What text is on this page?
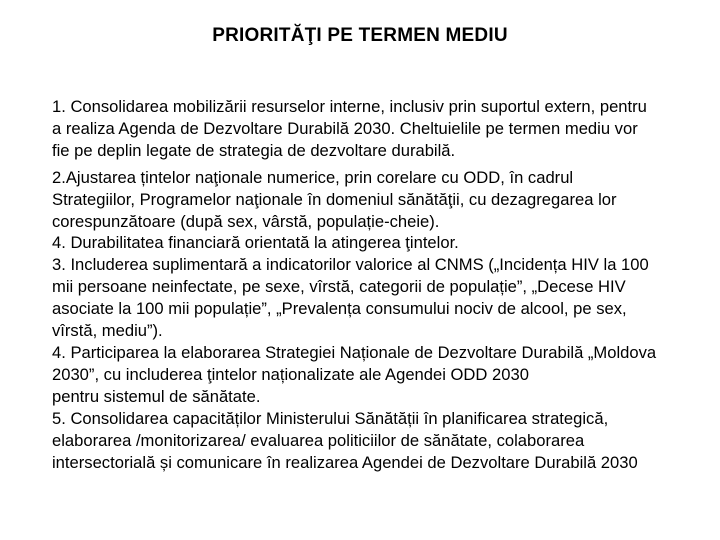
PRIORITĂŢI PE TERMEN MEDIU
1. Consolidarea mobilizării resurselor interne, inclusiv prin suportul extern, pentru
a realiza Agenda de Dezvoltare Durabilă 2030. Cheltuielile pe termen mediu vor
fie pe deplin legate de strategia de dezvoltare durabilă.
2.Ajustarea țintelor naţionale numerice, prin corelare cu ODD, în cadrul
Strategiilor, Programelor naţionale în domeniul sănătăţii, cu dezagregarea lor
corespunzătoare (după sex, vârstă, populație-cheie).
4. Durabilitatea financiară orientată la atingerea ţintelor.
3. Includerea suplimentară a indicatorilor valorice al CNMS („Incidența HIV la 100
mii persoane neinfectate, pe sexe, vîrstă, categorii de populație”, „Decese HIV
asociate la 100 mii populație”, „Prevalența consumului nociv de alcool, pe sex,
vîrstă, mediu”).
4. Participarea la elaborarea Strategiei Naționale de Dezvoltare Durabilă „Moldova
2030”, cu includerea ţintelor naționalizate ale Agendei ODD 2030
pentru sistemul de sănătate.
5. Consolidarea capacităților Ministerului Sănătății în planificarea strategică,
elaborarea /monitorizarea/ evaluarea politiciilor de sănătate, colaborarea
intersectorială și comunicare în realizarea Agendei de Dezvoltare Durabilă 2030
